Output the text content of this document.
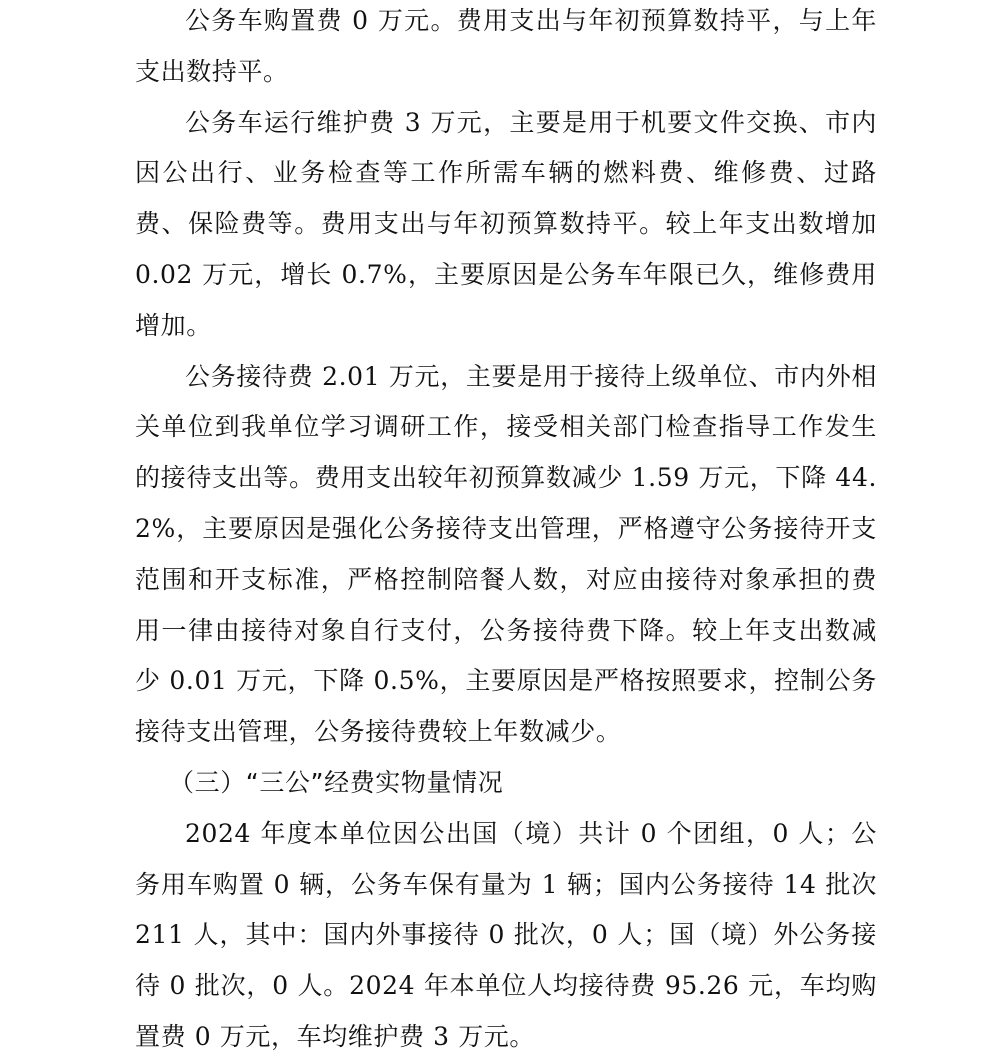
公务车购置费 0 万元。费用支出与年初预算数持平，与上年支出数持平。

公务车运行维护费 3 万元，主要是用于机要文件交换、市内因公出行、业务检查等工作所需车辆的燃料费、维修费、过路费、保险费等。费用支出与年初预算数持平。较上年支出数增加 0.02 万元，增长 0.7%，主要原因是公务车年限已久，维修费用增加。

公务接待费 2.01 万元，主要是用于接待上级单位、市内外相关单位到我单位学习调研工作，接受相关部门检查指导工作发生的接待支出等。费用支出较年初预算数减少 1.59 万元，下降 44.2%，主要原因是强化公务接待支出管理，严格遵守公务接待开支范围和开支标准，严格控制陪餐人数，对应由接待对象承担的费用一律由接待对象自行支付，公务接待费下降。较上年支出数减少 0.01 万元，下降 0.5%，主要原因是严格按照要求，控制公务接待支出管理，公务接待费较上年数减少。

（三）“三公”经费实物量情况

2024 年度本单位因公出国（境）共计 0 个团组，0 人；公务用车购置 0 辆，公务车保有量为 1 辆；国内公务接待 14 批次 211 人，其中：国内外事接待 0 批次，0 人；国（境）外公务接待 0 批次，0 人。2024 年本单位人均接待费 95.26 元，车均购置费 0 万元，车均维护费 3 万元。
